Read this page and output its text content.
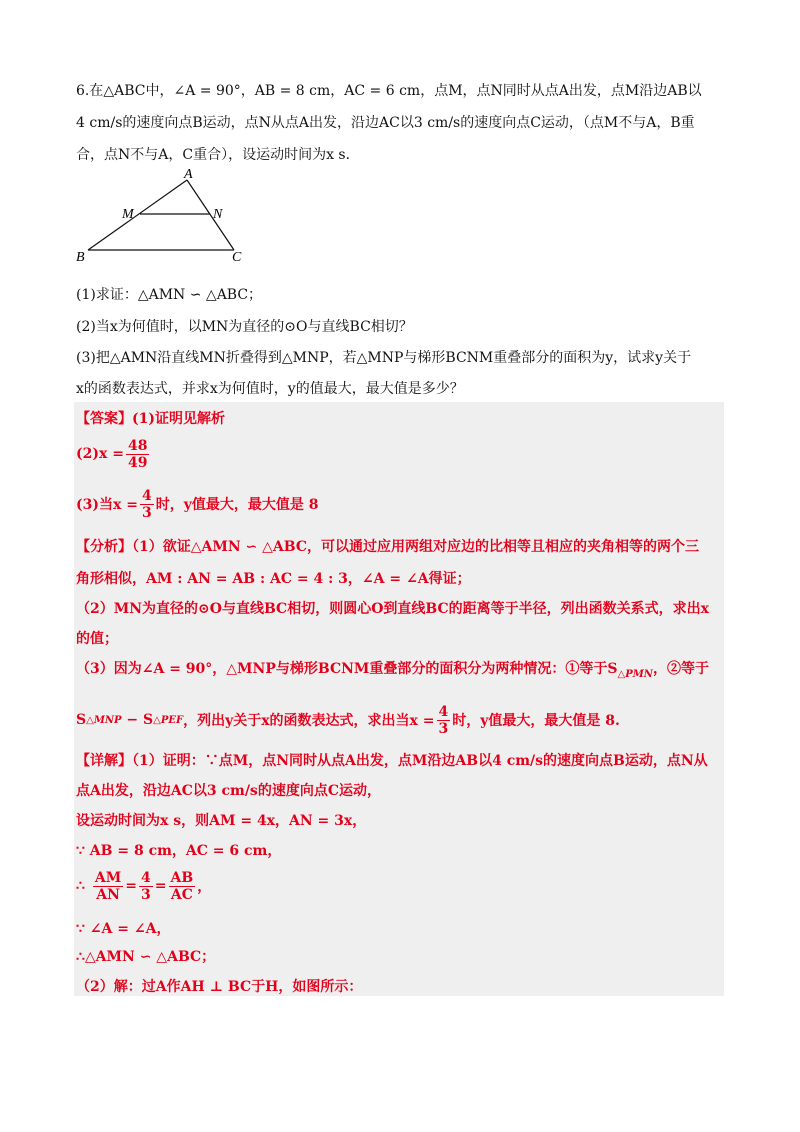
6.在△ABC中，∠A = 90°，AB = 8 cm，AC = 6 cm，点M，点N同时从点A出发，点M沿边AB以
4 cm/s的速度向点B运动，点N从点A出发，沿边AC以3 cm/s的速度向点C运动，（点M不与A，B重
合，点N不与A，C重合），设运动时间为x s．
A
M	N
B	C
(1)求证：△AMN ∽ △ABC；
(2)当x为何值时，以MN为直径的⊙O与直线BC相切？
(3)把△AMN沿直线MN折叠得到△MNP，若△MNP与梯形BCNM重叠部分的面积为y，试求y关于
x的函数表达式，并求x为何值时，y的值最大，最大值是多少？
【答案】(1)证明见解析
$(2)x = \frac{48}{49}$
(3)当$x = \frac{4}{3}$ 时，y值最大，最大值是 8
【分析】（1）欲证△AMN ∽ △ABC，可以通过应用两组对应边的比相等且相应的夹角相等的两个三
角形相似，AM : AN = AB : AC = 4 : 3，∠A = ∠A得证；
（2）MN为直径的⊙O与直线BC相切，则圆心O到直线BC的距离等于半径，列出函数关系式，求出x
的值；
（3）因为∠A = 90°，△MNP与梯形BCNM重叠部分的面积分为两种情况：①等于$S_{\triangle PMN}$，②等于
S △MNP − S △PEF ，列出y关于x的函数表达式，求出当$x = \frac{4}{3}$ 时，y值最大，最大值是 8.
【详解】（1）证明：∵点M，点N同时从点A出发，点M沿边AB以4 cm/s的速度向点B运动，点N从
点A出发，沿边AC以3 cm/s的速度向点C运动，
设运动时间为x s，则AM = 4x，AN = 3x，
∵ AB = 8 cm，AC = 6 cm，
∴ $\frac{AM}{AN} = \frac{4}{3} = \frac{AB}{AC}$ ，
∵ ∠A = ∠A，
∴△AMN ∽ △ABC；
（2）解：过A作AH ⊥ BC于H，如图所示：
